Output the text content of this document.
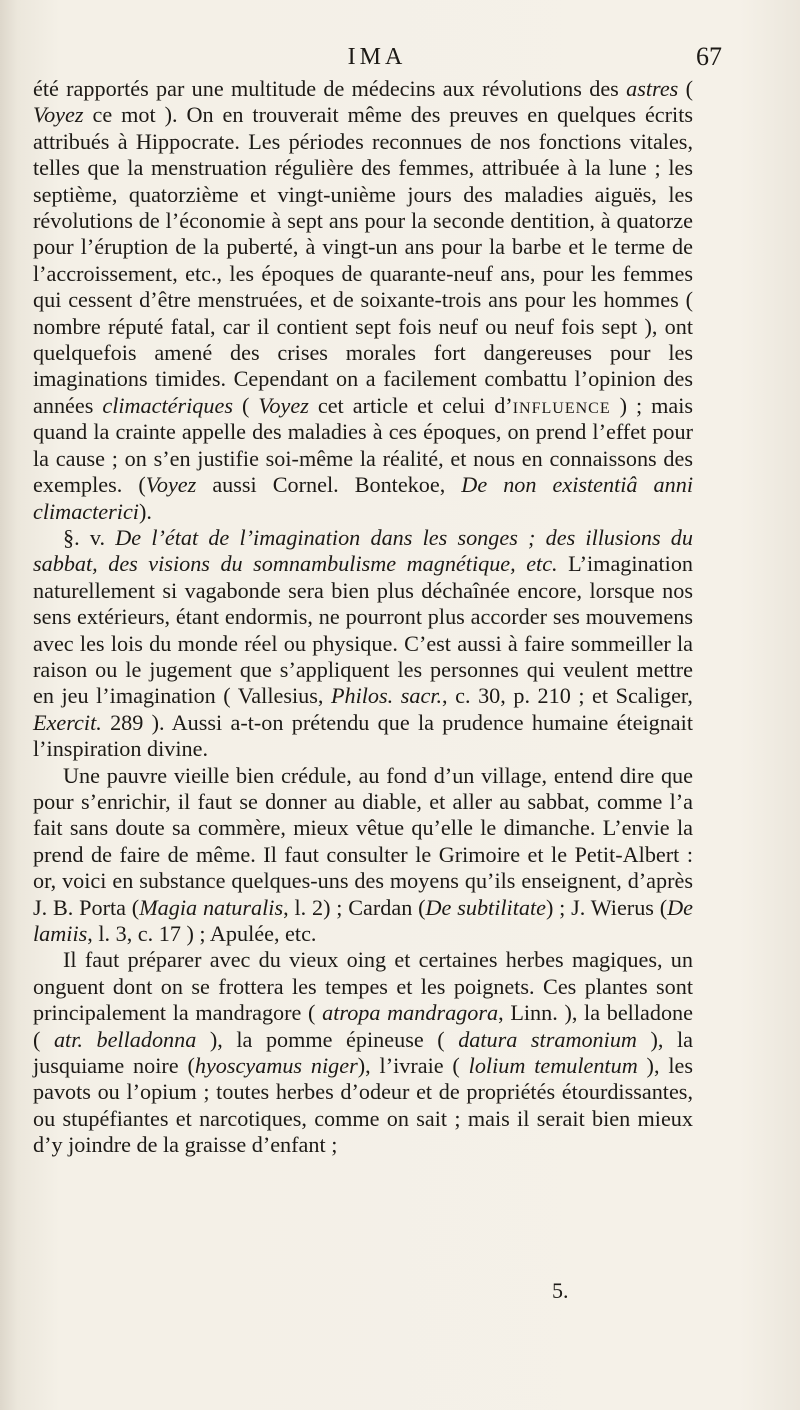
IMA	67

été rapportés par une multitude de médecins aux révolutions des astres ( Voyez ce mot ). On en trouverait même des preuves en quelques écrits attribués à Hippocrate. Les périodes reconnues de nos fonctions vitales, telles que la menstruation régulière des femmes, attribuée à la lune ; les septième, quatorzième et vingt-unième jours des maladies aiguës, les révolutions de l’économie à sept ans pour la seconde dentition, à quatorze pour l’éruption de la puberté, à vingt-un ans pour la barbe et le terme de l’accroissement, etc., les époques de quarante-neuf ans, pour les femmes qui cessent d’être menstruées, et de soixante-trois ans pour les hommes ( nombre réputé fatal, car il contient sept fois neuf ou neuf fois sept ), ont quelquefois amené des crises morales fort dangereuses pour les imaginations timides. Cependant on a facilement combattu l’opinion des années climactériques ( Voyez cet article et celui d’influence ) ; mais quand la crainte appelle des maladies à ces époques, on prend l’effet pour la cause ; on s’en justifie soi-même la réalité, et nous en connaissons des exemples. (Voyez aussi Cornel. Bontekoe, De non existentiâ anni climacterici).

§. v. De l’état de l’imagination dans les songes ; des illusions du sabbat, des visions du somnambulisme magnétique, etc. L’imagination naturellement si vagabonde sera bien plus déchaînée encore, lorsque nos sens extérieurs, étant endormis, ne pourront plus accorder ses mouvemens avec les lois du monde réel ou physique. C’est aussi à faire sommeiller la raison ou le jugement que s’appliquent les personnes qui veulent mettre en jeu l’imagination ( Vallesius, Philos. sacr., c. 30, p. 210 ; et Scaliger, Exercit. 289 ). Aussi a-t-on prétendu que la prudence humaine éteignait l’inspiration divine.

Une pauvre vieille bien crédule, au fond d’un village, entend dire que pour s’enrichir, il faut se donner au diable, et aller au sabbat, comme l’a fait sans doute sa commère, mieux vêtue qu’elle le dimanche. L’envie la prend de faire de même. Il faut consulter le Grimoire et le Petit-Albert : or, voici en substance quelques-uns des moyens qu’ils enseignent, d’après J. B. Porta (Magia naturalis, l. 2) ; Cardan (De subtilitate) ; J. Wierus (De lamiis, l. 3, c. 17 ) ; Apulée, etc.

Il faut préparer avec du vieux oing et certaines herbes magiques, un onguent dont on se frottera les tempes et les poignets. Ces plantes sont principalement la mandragore ( atropa mandragora, Linn. ), la belladone ( atr. belladonna ), la pomme épineuse ( datura stramonium ), la jusquiame noire (hyoscyamus niger), l’ivraie ( lolium temulentum ), les pavots ou l’opium ; toutes herbes d’odeur et de propriétés étourdissantes, ou stupéfiantes et narcotiques, comme on sait ; mais il serait bien mieux d’y joindre de la graisse d’enfant ;

5.
